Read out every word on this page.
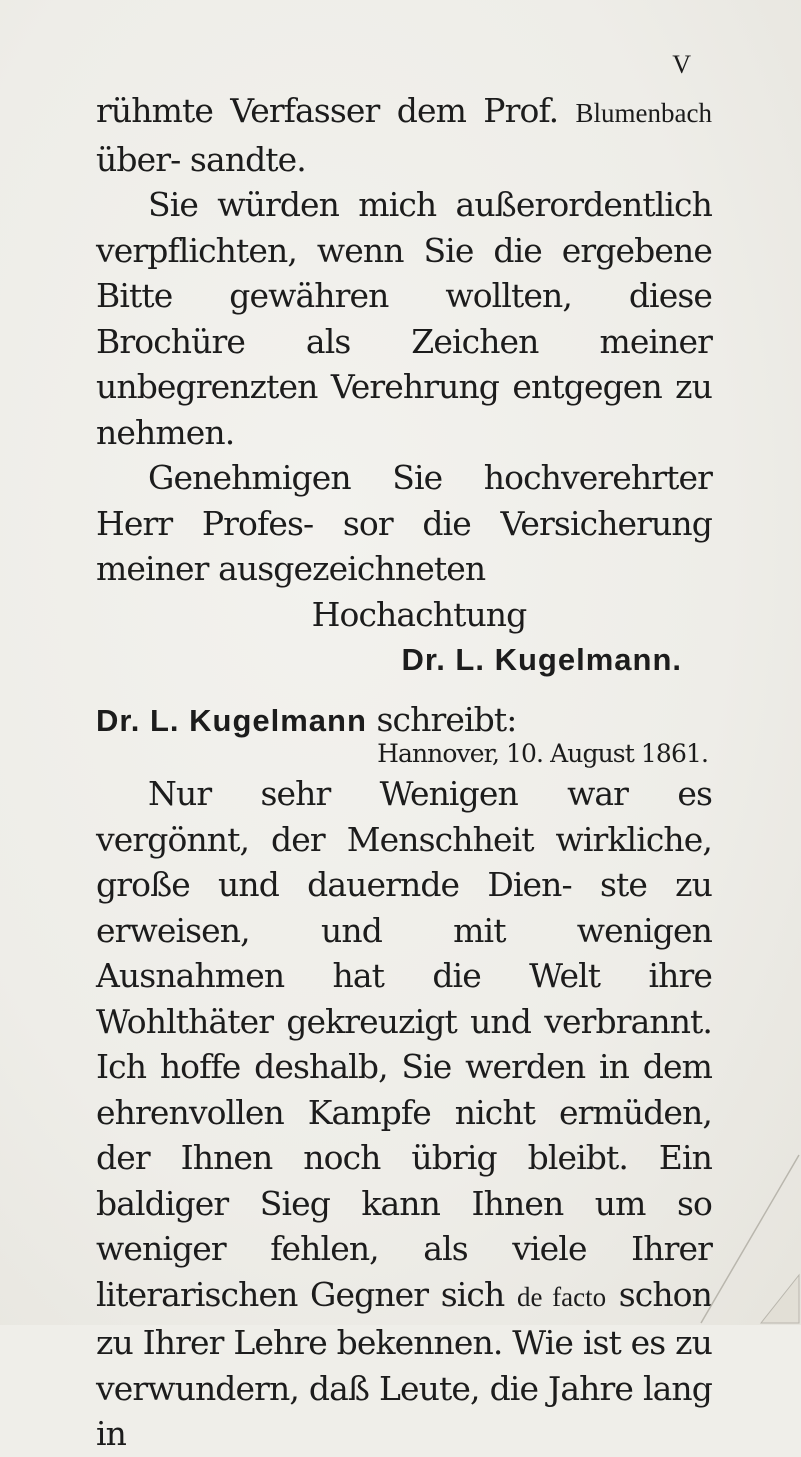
V

rühmte Verfasser dem Prof. Blumenbach über- sandte.

Sie würden mich außerordentlich verpflichten, wenn Sie die ergebene Bitte gewähren wollten, diese Brochüre als Zeichen meiner unbegrenzten Verehrung entgegen zu nehmen.

Genehmigen Sie hochverehrter Herr Profes- sor die Versicherung meiner ausgezeichneten

Hochachtung

Dr. L. Kugelmann.

Dr. L. Kugelmann schreibt:

Hannover, 10. August 1861.

Nur sehr Wenigen war es vergönnt, der Menschheit wirkliche, große und dauernde Dien- ste zu erweisen, und mit wenigen Ausnahmen hat die Welt ihre Wohlthäter gekreuzigt und verbrannt. Ich hoffe deshalb, Sie werden in dem ehrenvollen Kampfe nicht ermüden, der Ihnen noch übrig bleibt. Ein baldiger Sieg kann Ihnen um so weniger fehlen, als viele Ihrer literarischen Gegner sich de facto schon zu Ihrer Lehre bekennen. Wie ist es zu verwundern, daß Leute, die Jahre lang in
